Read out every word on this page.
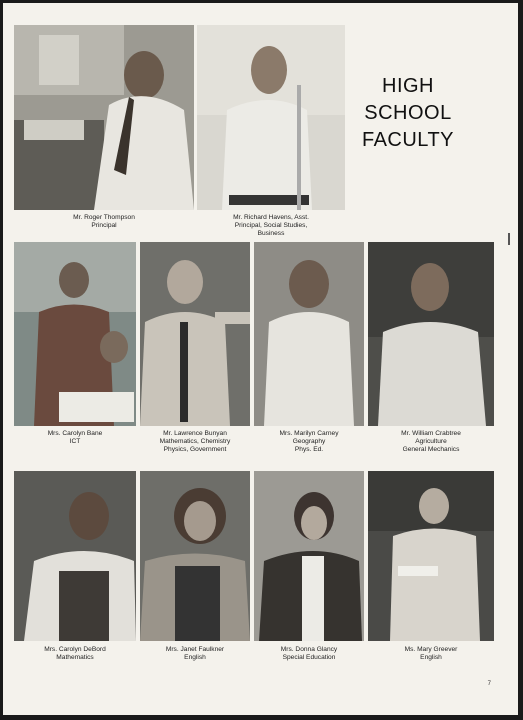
Mr. Roger Thompson
Principal
Mr. Richard Havens, Asst.
Principal, Social Studies,
Business
HIGH
SCHOOL
FACULTY
Mrs. Carolyn Bane
ICT
Mr. Lawrence Bunyan
Mathematics, Chemistry
Physics, Government
Mrs. Marilyn Carney
Geography
Phys. Ed.
Mr. William Crabtree
Agriculture
General Mechanics
Mrs. Carolyn DeBord
Mathematics
Mrs. Janet Faulkner
English
Mrs. Donna Glancy
Special Education
Ms. Mary Greever
English
7
